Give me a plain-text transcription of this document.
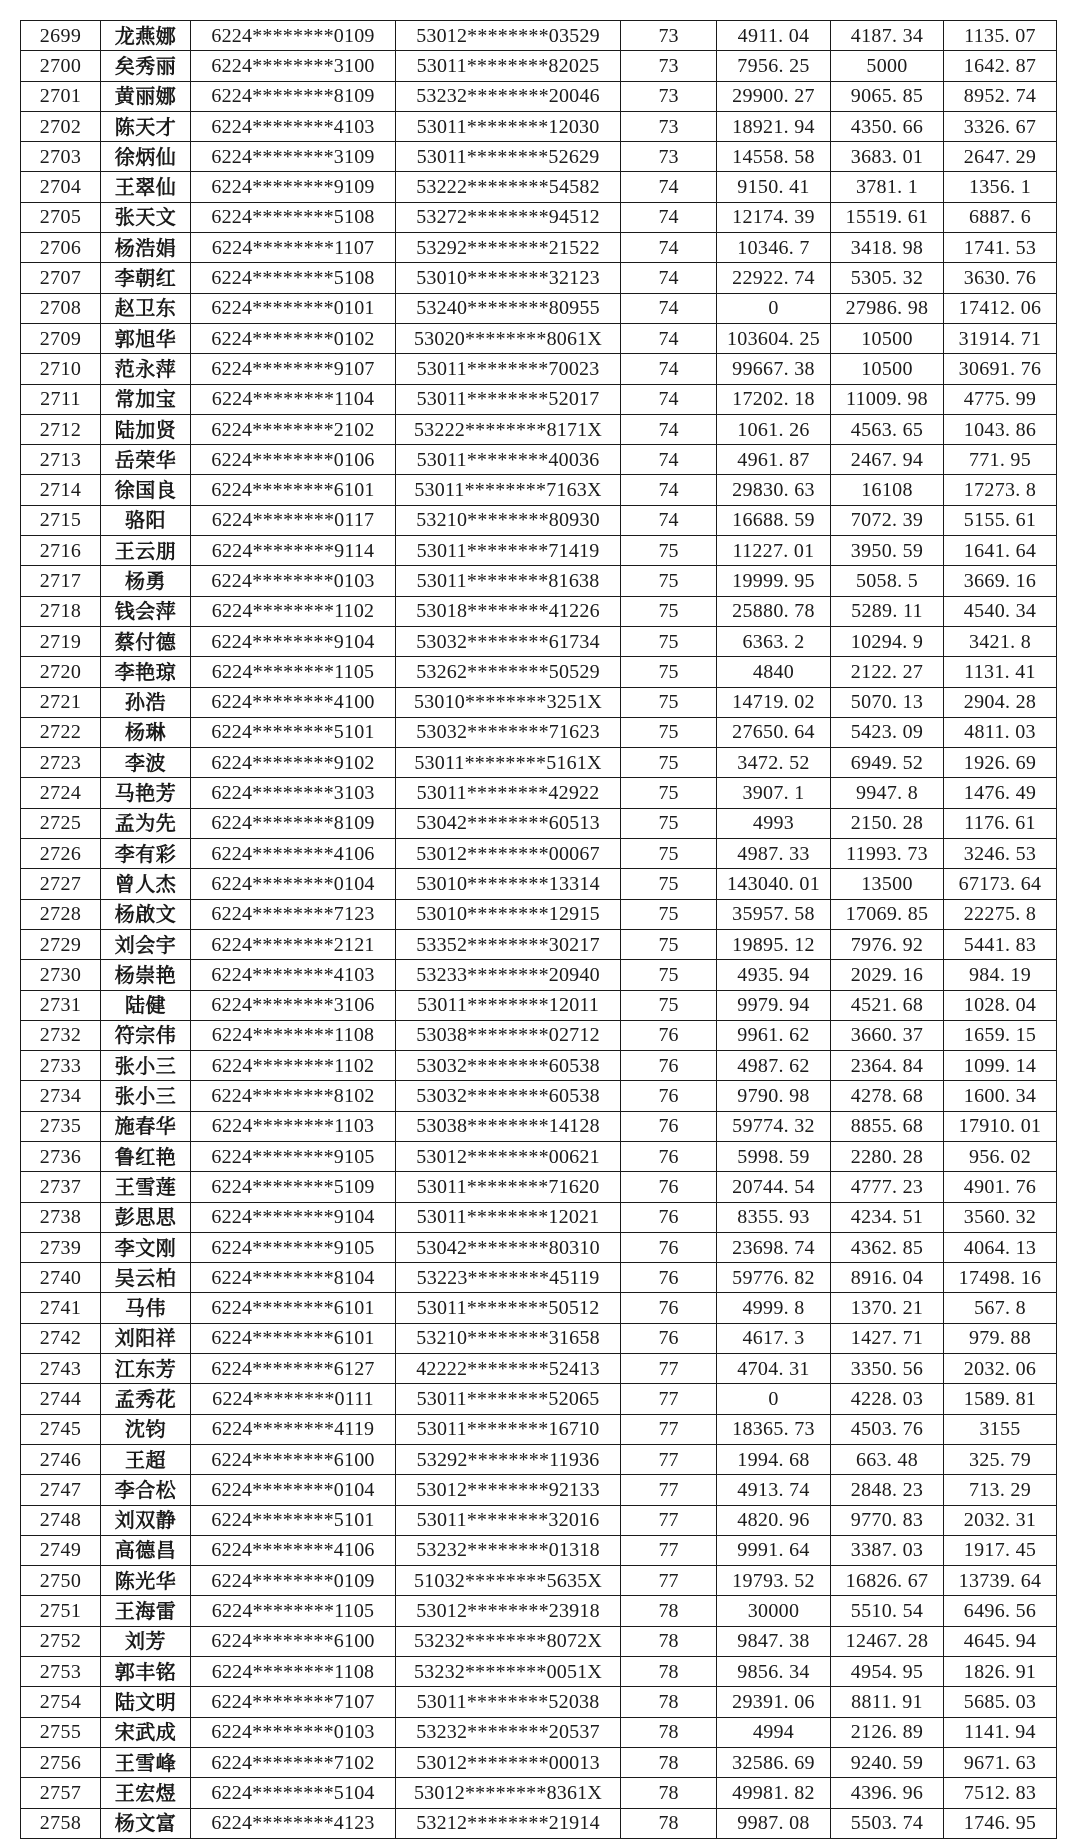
2699	龙燕娜	6224********0109	53012********03529	73	4911. 04	4187. 34	1135. 07
2700	矣秀丽	6224********3100	53011********82025	73	7956. 25	5000	1642. 87
2701	黄丽娜	6224********8109	53232********20046	73	29900. 27	9065. 85	8952. 74
2702	陈天才	6224********4103	53011********12030	73	18921. 94	4350. 66	3326. 67
2703	徐炳仙	6224********3109	53011********52629	73	14558. 58	3683. 01	2647. 29
2704	王翠仙	6224********9109	53222********54582	74	9150. 41	3781. 1	1356. 1
2705	张天文	6224********5108	53272********94512	74	12174. 39	15519. 61	6887. 6
2706	杨浩娟	6224********1107	53292********21522	74	10346. 7	3418. 98	1741. 53
2707	李朝红	6224********5108	53010********32123	74	22922. 74	5305. 32	3630. 76
2708	赵卫东	6224********0101	53240********80955	74	0	27986. 98	17412. 06
2709	郭旭华	6224********0102	53020********8061X	74	103604. 25	10500	31914. 71
2710	范永萍	6224********9107	53011********70023	74	99667. 38	10500	30691. 76
2711	常加宝	6224********1104	53011********52017	74	17202. 18	11009. 98	4775. 99
2712	陆加贤	6224********2102	53222********8171X	74	1061. 26	4563. 65	1043. 86
2713	岳荣华	6224********0106	53011********40036	74	4961. 87	2467. 94	771. 95
2714	徐国良	6224********6101	53011********7163X	74	29830. 63	16108	17273. 8
2715	骆阳	6224********0117	53210********80930	74	16688. 59	7072. 39	5155. 61
2716	王云朋	6224********9114	53011********71419	75	11227. 01	3950. 59	1641. 64
2717	杨勇	6224********0103	53011********81638	75	19999. 95	5058. 5	3669. 16
2718	钱会萍	6224********1102	53018********41226	75	25880. 78	5289. 11	4540. 34
2719	蔡付德	6224********9104	53032********61734	75	6363. 2	10294. 9	3421. 8
2720	李艳琼	6224********1105	53262********50529	75	4840	2122. 27	1131. 41
2721	孙浩	6224********4100	53010********3251X	75	14719. 02	5070. 13	2904. 28
2722	杨琳	6224********5101	53032********71623	75	27650. 64	5423. 09	4811. 03
2723	李波	6224********9102	53011********5161X	75	3472. 52	6949. 52	1926. 69
2724	马艳芳	6224********3103	53011********42922	75	3907. 1	9947. 8	1476. 49
2725	孟为先	6224********8109	53042********60513	75	4993	2150. 28	1176. 61
2726	李有彩	6224********4106	53012********00067	75	4987. 33	11993. 73	3246. 53
2727	曾人杰	6224********0104	53010********13314	75	143040. 01	13500	67173. 64
2728	杨啟文	6224********7123	53010********12915	75	35957. 58	17069. 85	22275. 8
2729	刘会宇	6224********2121	53352********30217	75	19895. 12	7976. 92	5441. 83
2730	杨崇艳	6224********4103	53233********20940	75	4935. 94	2029. 16	984. 19
2731	陆健	6224********3106	53011********12011	75	9979. 94	4521. 68	1028. 04
2732	符宗伟	6224********1108	53038********02712	76	9961. 62	3660. 37	1659. 15
2733	张小三	6224********1102	53032********60538	76	4987. 62	2364. 84	1099. 14
2734	张小三	6224********8102	53032********60538	76	9790. 98	4278. 68	1600. 34
2735	施春华	6224********1103	53038********14128	76	59774. 32	8855. 68	17910. 01
2736	鲁红艳	6224********9105	53012********00621	76	5998. 59	2280. 28	956. 02
2737	王雪莲	6224********5109	53011********71620	76	20744. 54	4777. 23	4901. 76
2738	彭思思	6224********9104	53011********12021	76	8355. 93	4234. 51	3560. 32
2739	李文刚	6224********9105	53042********80310	76	23698. 74	4362. 85	4064. 13
2740	吴云柏	6224********8104	53223********45119	76	59776. 82	8916. 04	17498. 16
2741	马伟	6224********6101	53011********50512	76	4999. 8	1370. 21	567. 8
2742	刘阳祥	6224********6101	53210********31658	76	4617. 3	1427. 71	979. 88
2743	江东芳	6224********6127	42222********52413	77	4704. 31	3350. 56	2032. 06
2744	孟秀花	6224********0111	53011********52065	77	0	4228. 03	1589. 81
2745	沈钧	6224********4119	53011********16710	77	18365. 73	4503. 76	3155
2746	王超	6224********6100	53292********11936	77	1994. 68	663. 48	325. 79
2747	李合松	6224********0104	53012********92133	77	4913. 74	2848. 23	713. 29
2748	刘双静	6224********5101	53011********32016	77	4820. 96	9770. 83	2032. 31
2749	高德昌	6224********4106	53232********01318	77	9991. 64	3387. 03	1917. 45
2750	陈光华	6224********0109	51032********5635X	77	19793. 52	16826. 67	13739. 64
2751	王海雷	6224********1105	53012********23918	78	30000	5510. 54	6496. 56
2752	刘芳	6224********6100	53232********8072X	78	9847. 38	12467. 28	4645. 94
2753	郭丰铭	6224********1108	53232********0051X	78	9856. 34	4954. 95	1826. 91
2754	陆文明	6224********7107	53011********52038	78	29391. 06	8811. 91	5685. 03
2755	宋武成	6224********0103	53232********20537	78	4994	2126. 89	1141. 94
2756	王雪峰	6224********7102	53012********00013	78	32586. 69	9240. 59	9671. 63
2757	王宏煜	6224********5104	53012********8361X	78	49981. 82	4396. 96	7512. 83
2758	杨文富	6224********4123	53212********21914	78	9987. 08	5503. 74	1746. 95
